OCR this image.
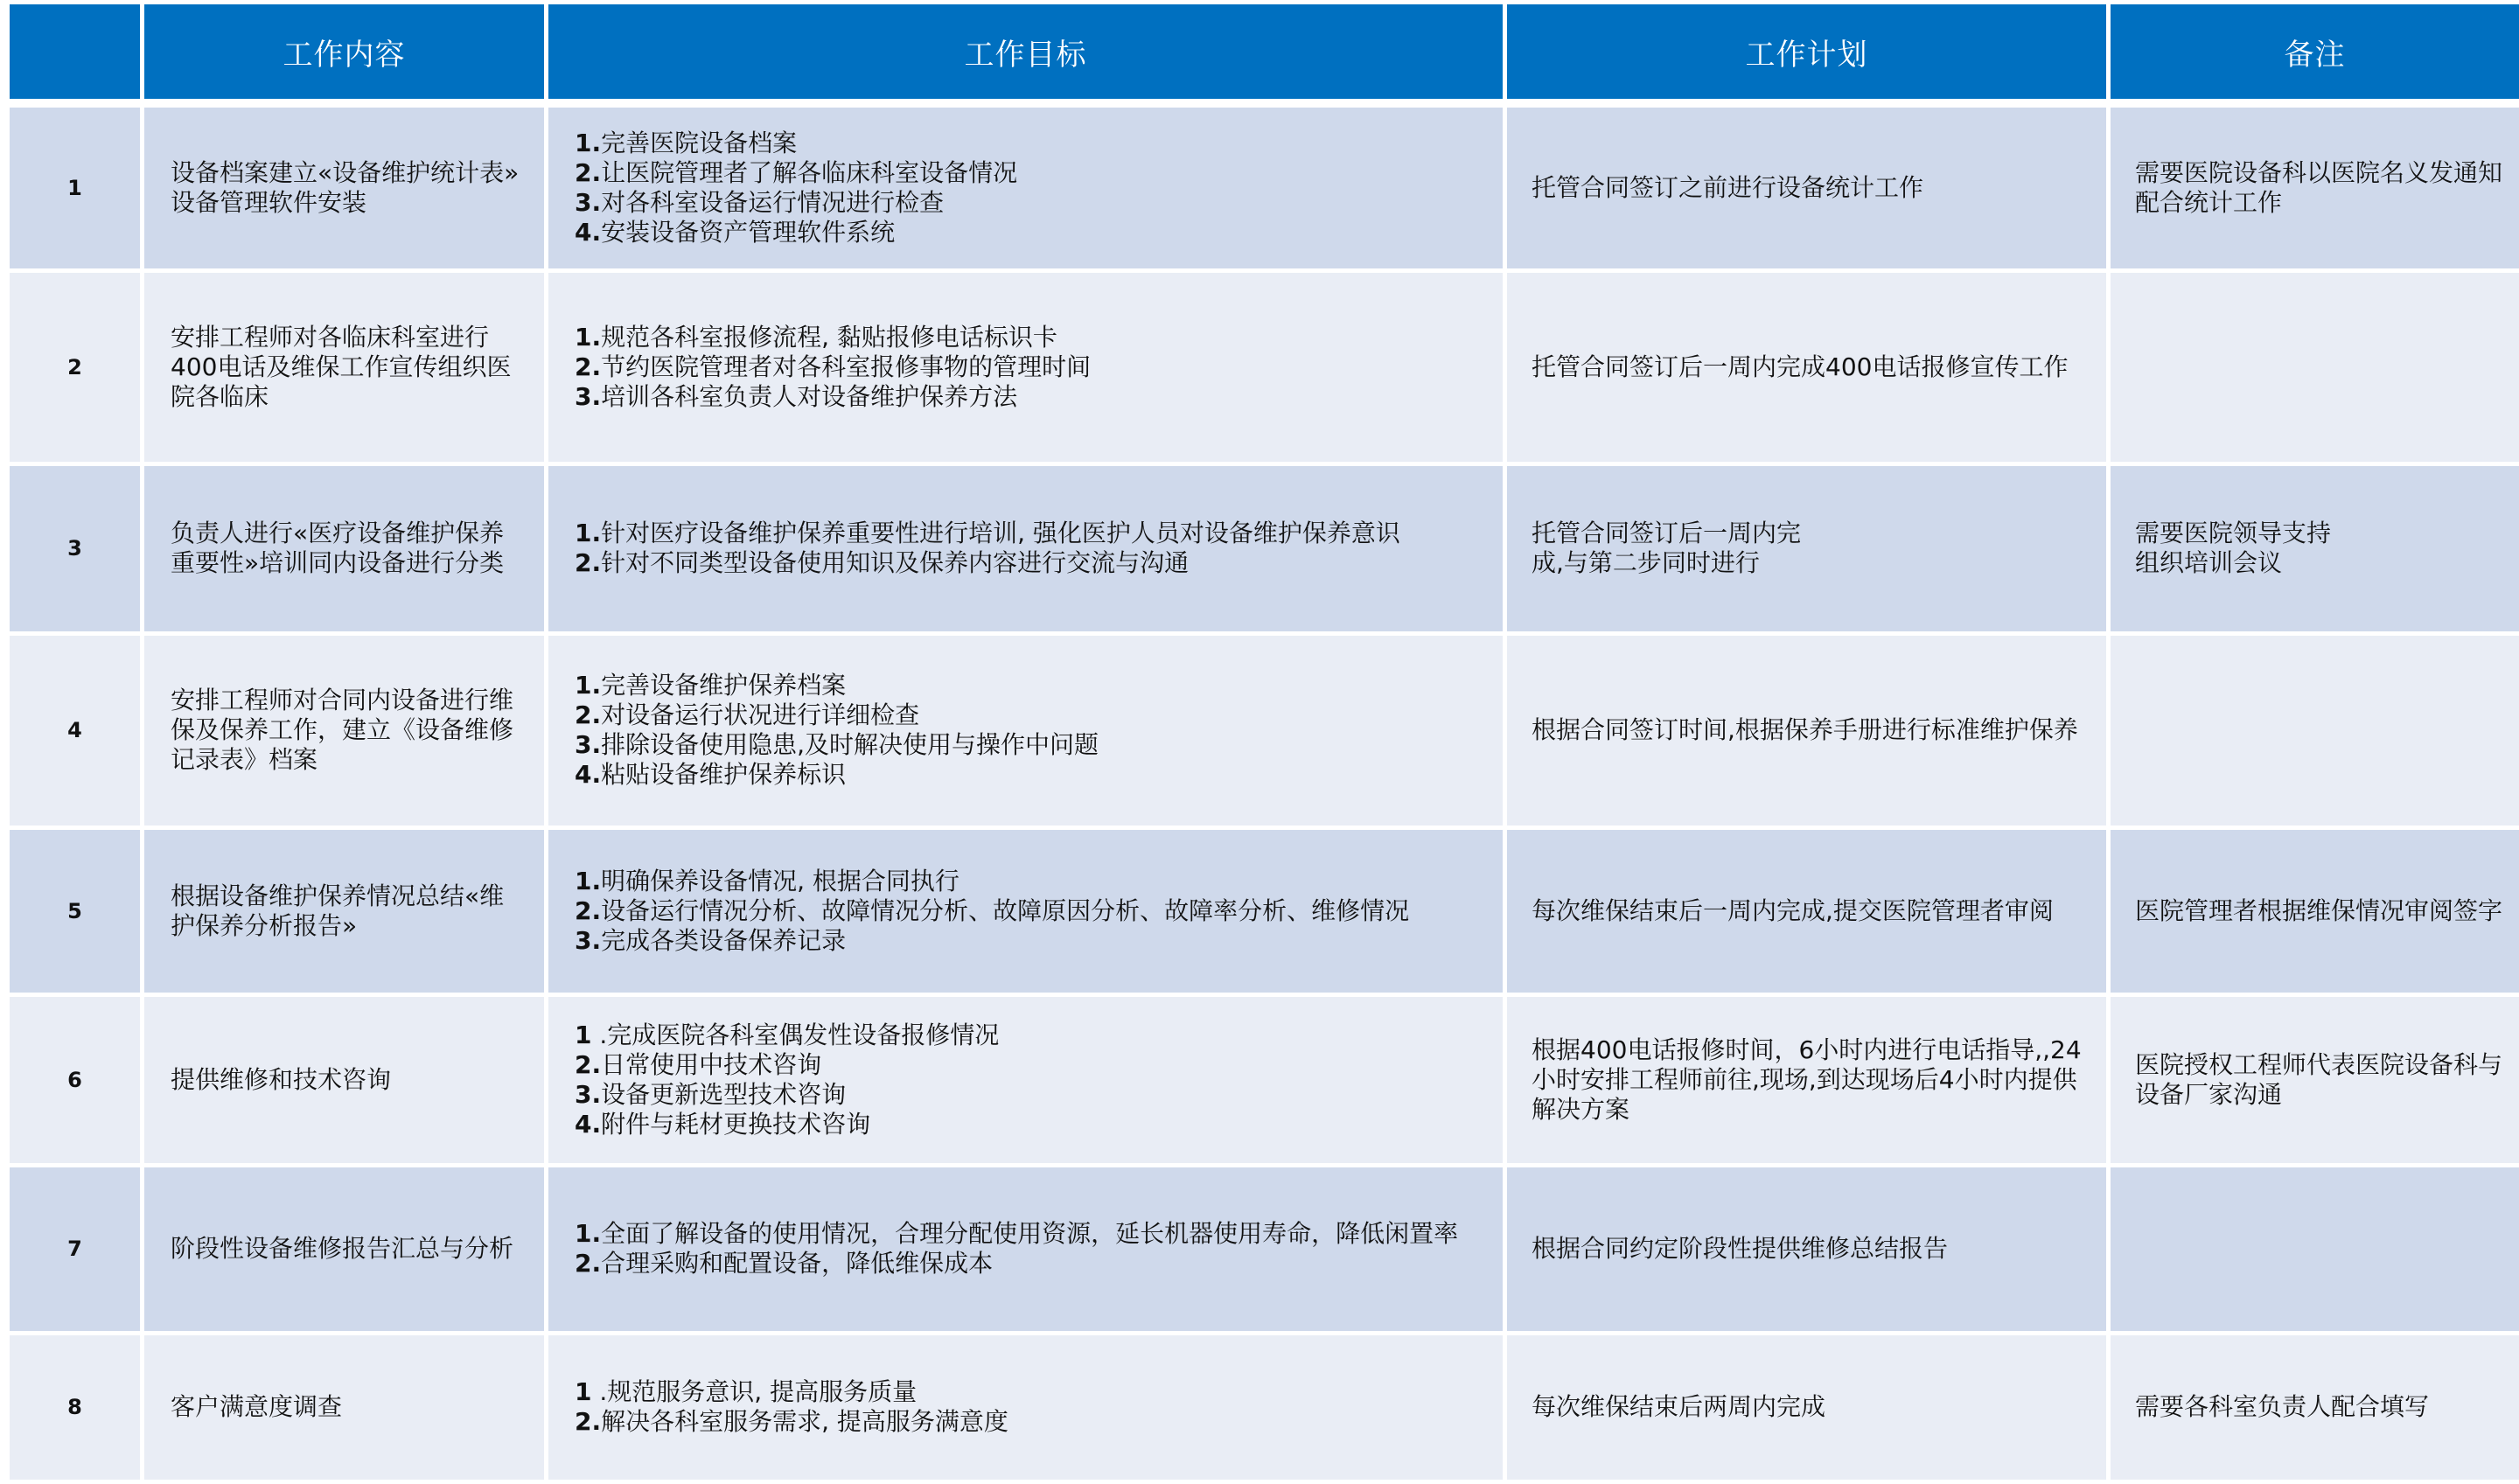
	工作内容	工作目标	工作计划	备注
1	设备档案建立«设备维护统计表»
设备管理软件安装	1.完善医院设备档案
2.让医院管理者了解各临床科室设备情况
3.对各科室设备运行情况进行检查
4.安装设备资产管理软件系统	托管合同签订之前进行设备统计工作	需要医院设备科以医院名义发通知
配合统计工作

2	安排工程师对各临床科室进行
400电话及维保工作宣传组织医
院各临床	1.规范各科室报修流程, 黏贴报修电话标识卡
2.节约医院管理者对各科室报修事物的管理时间
3.培训各科室负责人对设备维护保养方法	托管合同签订后一周内完成400电话报修宣传工作	

3	负责人进行«医疗设备维护保养
重要性»培训同内设备进行分类	1.针对医疗设备维护保养重要性进行培训, 强化医护人员对设备维护保养意识
2.针对不同类型设备使用知识及保养内容进行交流与沟通	托管合同签订后一周内完
成,与第二步同时进行	需要医院领导支持
组织培训会议

4	安排工程师对合同内设备进行维
保及保养工作，建立《设备维修
记录表》档案	1.完善设备维护保养档案
2.对设备运行状况进行详细检查
3.排除设备使用隐患,及时解决使用与操作中问题
4.粘贴设备维护保养标识	根据合同签订时间,根据保养手册进行标准维护保养	

5	根据设备维护保养情况总结«维
护保养分析报告»	1.明确保养设备情况, 根据合同执行
2.设备运行情况分析、故障情况分析、故障原因分析、故障率分析、维修情况
3.完成各类设备保养记录	每次维保结束后一周内完成,提交医院管理者审阅	医院管理者根据维保情况审阅签字

6	提供维修和技术咨询	1 .完成医院各科室偶发性设备报修情况
2.日常使用中技术咨询
3.设备更新选型技术咨询
4.附件与耗材更换技术咨询	根据400电话报修时间，6小时内进行电话指导,,24
小时安排工程师前往,现场,到达现场后4小时内提供
解决方案	医院授权工程师代表医院设备科与
设备厂家沟通

7	阶段性设备维修报告汇总与分析	1.全面了解设备的使用情况，合理分配使用资源，延长机器使用寿命，降低闲置率
2.合理采购和配置设备，降低维保成本	根据合同约定阶段性提供维修总结报告	

8	客户满意度调查	1 .规范服务意识, 提高服务质量
2.解决各科室服务需求, 提高服务满意度	每次维保结束后两周内完成	需要各科室负责人配合填写
